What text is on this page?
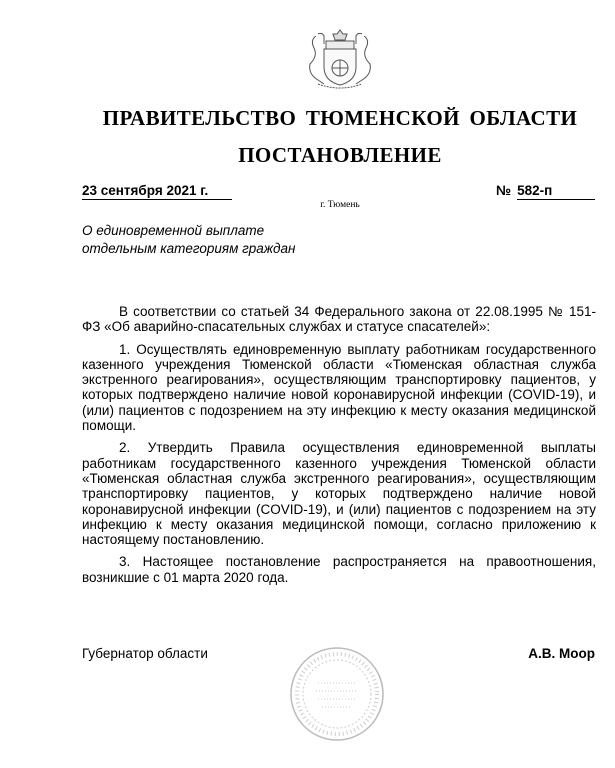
ПРАВИТЕЛЬСТВО ТЮМЕНСКОЙ ОБЛАСТИ
ПОСТАНОВЛЕНИЕ
23 сентября 2021 г.	№ 582-п
г. Тюмень
О единовременной выплате
отдельным категориям граждан

В соответствии со статьей 34 Федерального закона от 22.08.1995 № 151-ФЗ «Об аварийно-спасательных службах и статусе спасателей»:

1. Осуществлять единовременную выплату работникам государственного казенного учреждения Тюменской области «Тюменская областная служба экстренного реагирования», осуществляющим транспортировку пациентов, у которых подтверждено наличие новой коронавирусной инфекции (COVID-19), и (или) пациентов с подозрением на эту инфекцию к месту оказания медицинской помощи.

2. Утвердить Правила осуществления единовременной выплаты работникам государственного казенного учреждения Тюменской области «Тюменская областная служба экстренного реагирования», осуществляющим транспортировку пациентов, у которых подтверждено наличие новой коронавирусной инфекции (COVID-19), и (или) пациентов с подозрением на эту инфекцию к месту оказания медицинской помощи, согласно приложению к настоящему постановлению.

3. Настоящее постановление распространяется на правоотношения, возникшие с 01 марта 2020 года.

Губернатор области	А.В. Моор
